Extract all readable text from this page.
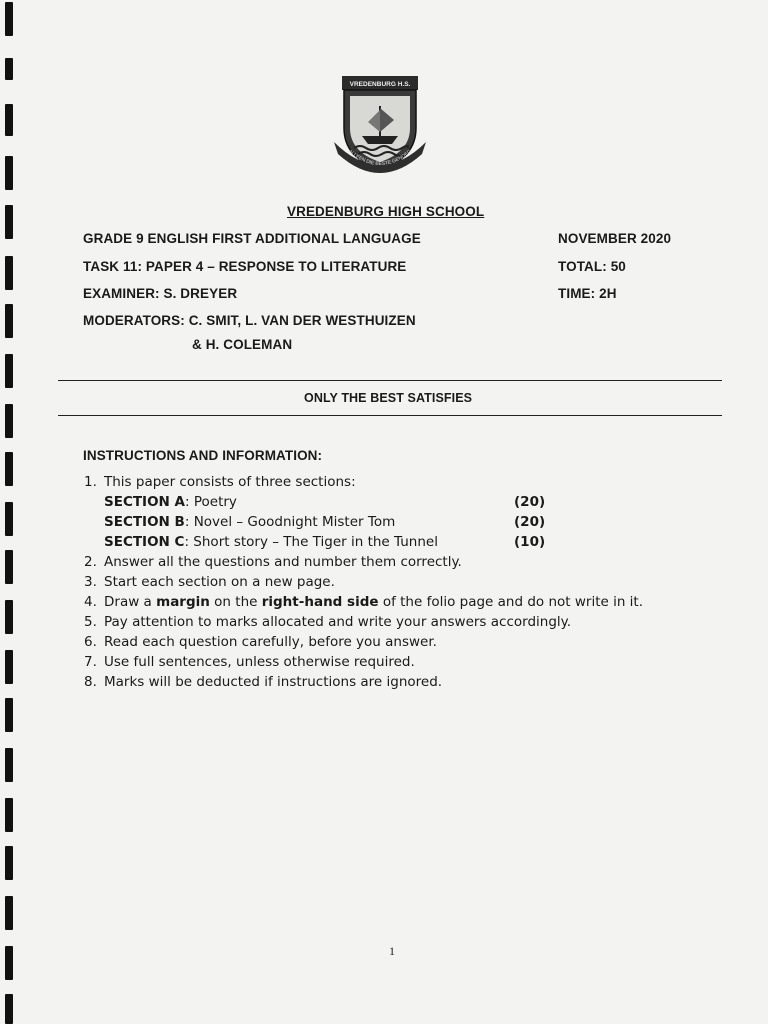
VREDENBURG H.S.
ALLEEN DIE BESTE GENOEG
VREDENBURG HIGH SCHOOL
GRADE 9 ENGLISH FIRST ADDITIONAL LANGUAGE	NOVEMBER 2020
TASK 11: PAPER 4 – RESPONSE TO LITERATURE	TOTAL: 50
EXAMINER: S. DREYER	TIME: 2H
MODERATORS: C. SMIT, L. VAN DER WESTHUIZEN
& H. COLEMAN
ONLY THE BEST SATISFIES
INSTRUCTIONS AND INFORMATION:
1. This paper consists of three sections:
SECTION A: Poetry	(20)
SECTION B: Novel – Goodnight Mister Tom	(20)
SECTION C: Short story – The Tiger in the Tunnel	(10)
2. Answer all the questions and number them correctly.
3. Start each section on a new page.
4. Draw a margin on the right-hand side of the folio page and do not write in it.
5. Pay attention to marks allocated and write your answers accordingly.
6. Read each question carefully, before you answer.
7. Use full sentences, unless otherwise required.
8. Marks will be deducted if instructions are ignored.
1
